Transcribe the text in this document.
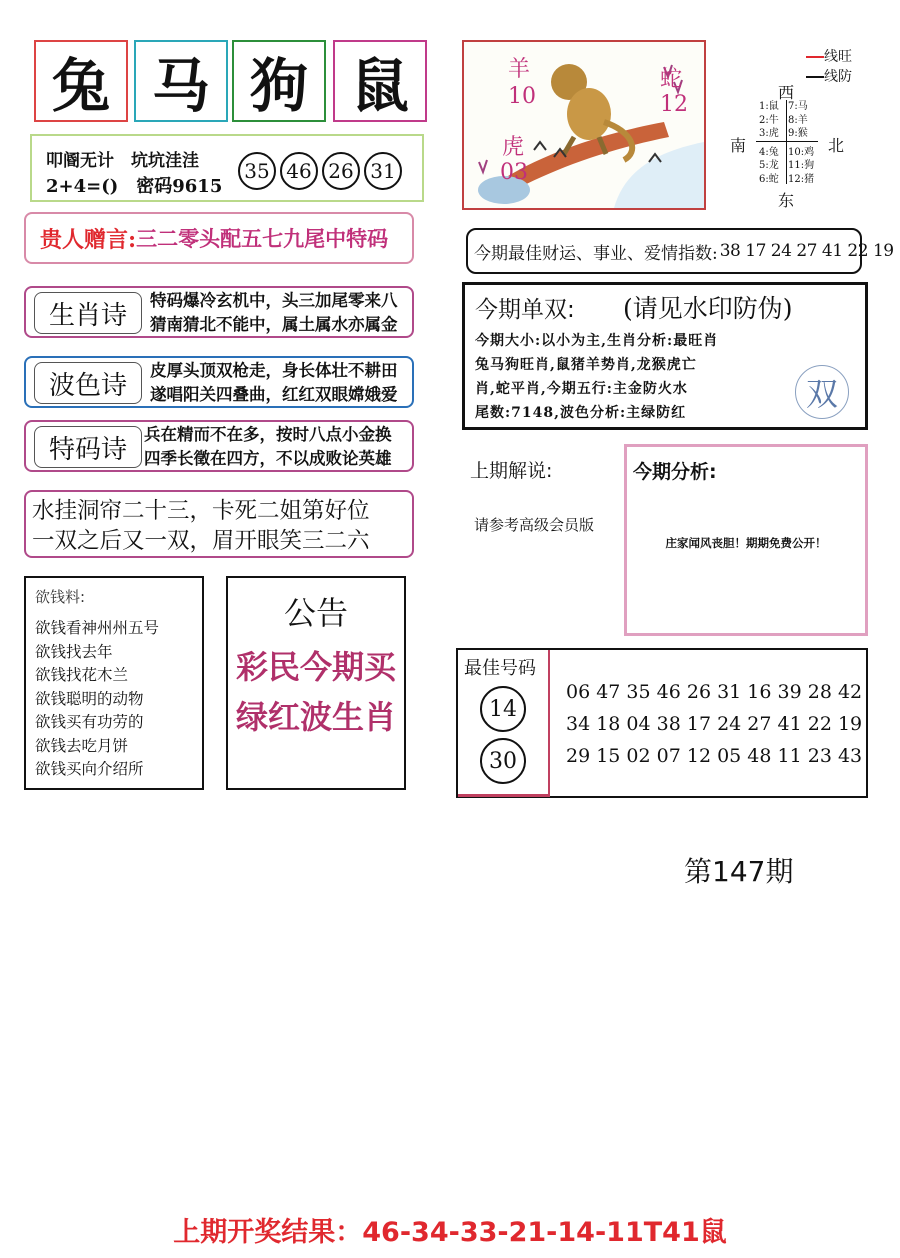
兔 马 狗 鼠
叩阍无计　坑坑洼洼
2+4=()　密码9615
35 46 26 31
贵人赠言: 三二零头配五七九尾中特码
生肖诗	特码爆冷玄机中，头三加尾零来八
猜南猜北不能中，属土属水亦属金
波色诗	皮厚头顶双枪走，身长体壮不耕田
遂唱阳关四叠曲，红红双眼嫦娥爱
特码诗	兵在精而不在多，按时八点小金换
四季长徵在四方，不以成败论英雄
水挂洞帘二十三，卡死二姐第好位
一双之后又一双，眉开眼笑三二六
欲钱料:
欲钱看神州州五号
欲钱找去年
欲钱找花木兰
欲钱聪明的动物
欲钱买有功劳的
欲钱去吃月饼
欲钱买向介绍所
公告
彩民今期买
绿红波生肖
羊
10
蛇
12
虎
03
线旺
线防
西
南	北
东
1:鼠
2:牛
3:虎
4:兔
5:龙
6:蛇
7:马
8:羊
9:猴
10:鸡
11:狗
12:猪
今期最佳财运、事业、爱情指数: 38 17 24 27 41 22 19
今期单双: (请见水印防伪)
今期大小:以小为主,生肖分析:最旺肖
兔马狗旺肖,鼠猪羊势肖,龙猴虎亡
肖,蛇平肖,今期五行:主金防火水
尾数:7148,波色分析:主绿防红	双
上期解说:
请参考高级会员版
今期分析:
庄家闻风丧胆！期期免费公开！
最佳号码
14
30
06 47 35 46 26 31 16 39 28 42
34 18 04 38 17 24 27 41 22 19
29 15 02 07 12 05 48 11 23 43
第147期
上期开奖结果：46-34-33-21-14-11T41鼠
